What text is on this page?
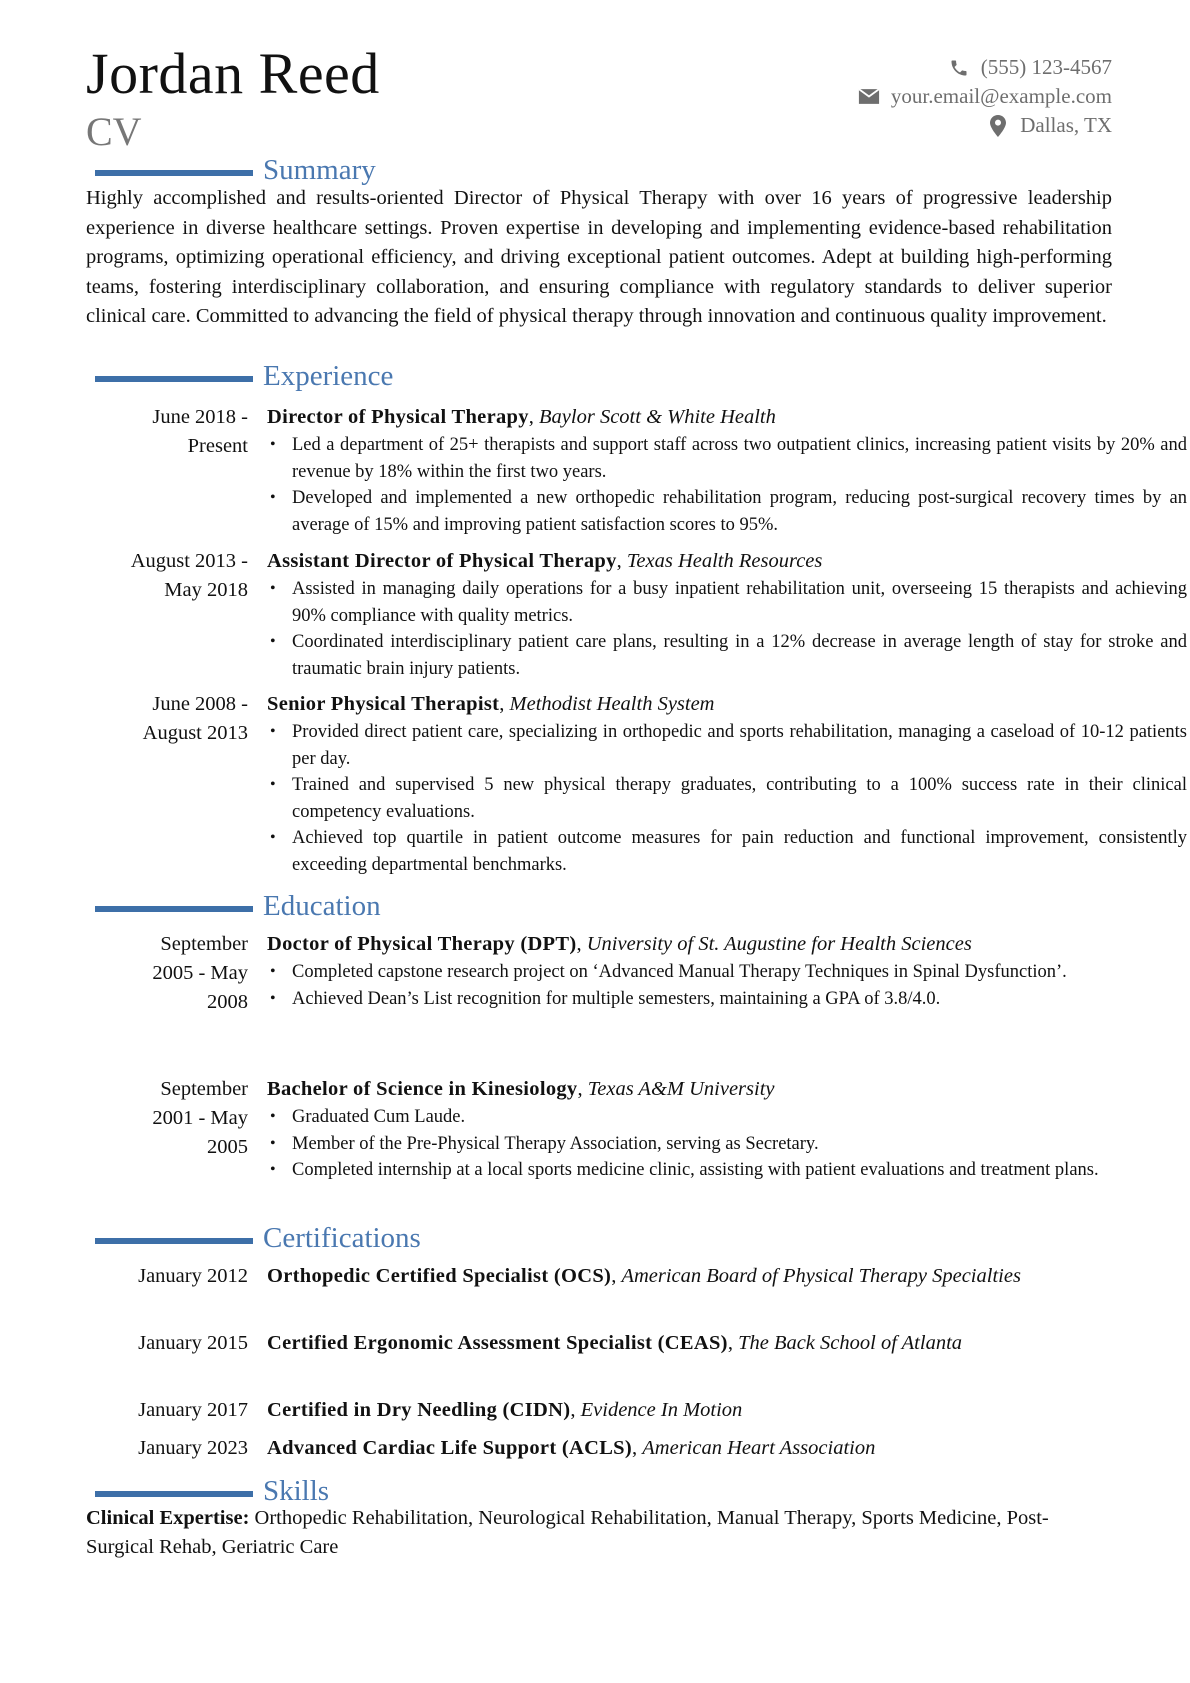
Jordan Reed
CV
(555) 123-4567
your.email@example.com
Dallas, TX
Summary
Highly accomplished and results-oriented Director of Physical Therapy with over 16 years of progressive leadership experience in diverse healthcare settings. Proven expertise in developing and implementing evidence-based rehabilitation programs, optimizing operational efficiency, and driving exceptional patient outcomes. Adept at building high-performing teams, fostering interdisciplinary collaboration, and ensuring compliance with regulatory standards to deliver superior clinical care. Committed to advancing the field of physical therapy through innovation and continuous quality improvement.
Experience
June 2018 -
Present
Director of Physical Therapy, Baylor Scott & White Health
• Led a department of 25+ therapists and support staff across two outpatient clinics, increasing patient visits by 20% and revenue by 18% within the first two years.
• Developed and implemented a new orthopedic rehabilitation program, reducing post-surgical recovery times by an average of 15% and improving patient satisfaction scores to 95%.
August 2013 -
May 2018
Assistant Director of Physical Therapy, Texas Health Resources
• Assisted in managing daily operations for a busy inpatient rehabilitation unit, overseeing 15 therapists and achieving 90% compliance with quality metrics.
• Coordinated interdisciplinary patient care plans, resulting in a 12% decrease in average length of stay for stroke and traumatic brain injury patients.
June 2008 -
August 2013
Senior Physical Therapist, Methodist Health System
• Provided direct patient care, specializing in orthopedic and sports rehabilitation, managing a caseload of 10-12 patients per day.
• Trained and supervised 5 new physical therapy graduates, contributing to a 100% success rate in their clinical competency evaluations.
• Achieved top quartile in patient outcome measures for pain reduction and functional improvement, consistently exceeding departmental benchmarks.
Education
September
2005 - May
2008
Doctor of Physical Therapy (DPT), University of St. Augustine for Health Sciences
• Completed capstone research project on ‘Advanced Manual Therapy Techniques in Spinal Dysfunction’.
• Achieved Dean’s List recognition for multiple semesters, maintaining a GPA of 3.8/4.0.
September
2001 - May
2005
Bachelor of Science in Kinesiology, Texas A&M University
• Graduated Cum Laude.
• Member of the Pre-Physical Therapy Association, serving as Secretary.
• Completed internship at a local sports medicine clinic, assisting with patient evaluations and treatment plans.
Certifications
January 2012 Orthopedic Certified Specialist (OCS), American Board of Physical Therapy Specialties
January 2015 Certified Ergonomic Assessment Specialist (CEAS), The Back School of Atlanta
January 2017 Certified in Dry Needling (CIDN), Evidence In Motion
January 2023 Advanced Cardiac Life Support (ACLS), American Heart Association
Skills
Clinical Expertise: Orthopedic Rehabilitation, Neurological Rehabilitation, Manual Therapy, Sports Medicine, Post-Surgical Rehab, Geriatric Care
